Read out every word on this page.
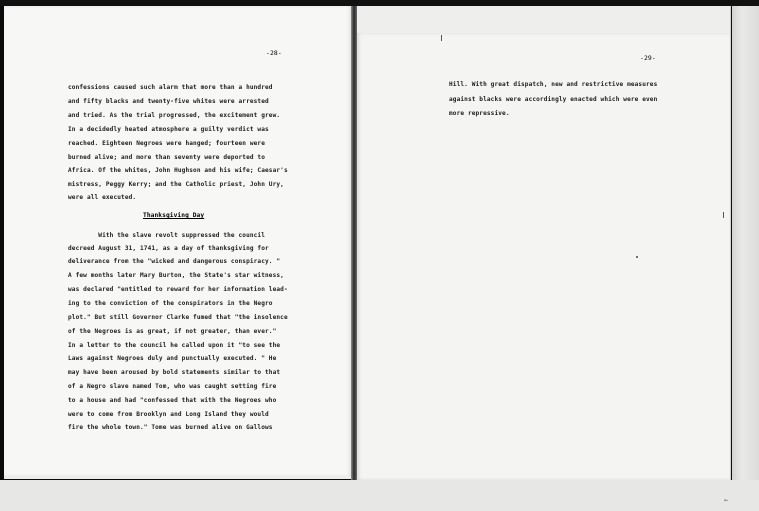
-28-
confessions caused such alarm that more than a hundred
and fifty blacks and twenty-five whites were arrested
and tried. As the trial progressed, the excitement grew.
In a decidedly heated atmosphere a guilty verdict was
reached. Eighteen Negroes were hanged; fourteen were
burned alive; and more than seventy were deported to
Africa. Of the whites, John Hughson and his wife; Caesar's
mistress, Peggy Kerry; and the Catholic priest, John Ury,
were all executed.
Thanksgiving Day
With the slave revolt suppressed the council
decreed August 31, 1741, as a day of thanksgiving for
deliverance from the "wicked and dangerous conspiracy. "
A few months later Mary Burton, the State's star witness,
was declared "entitled to reward for her information lead-
ing to the conviction of the conspirators in the Negro
plot." But still Governor Clarke fumed that "the insolence
of the Negroes is as great, if not greater, than ever."
In a letter to the council he called upon it "to see the
Laws against Negroes duly and punctually executed. " He
may have been aroused by bold statements similar to that
of a Negro slave named Tom, who was caught setting fire
to a house and had "confessed that with the Negroes who
were to come from Brooklyn and Long Island they would
fire the whole town." Tome was burned alive on Gallows
-29-
Hill. With great dispatch, new and restrictive measures
against blacks were accordingly enacted which were even
more repressive.
←
